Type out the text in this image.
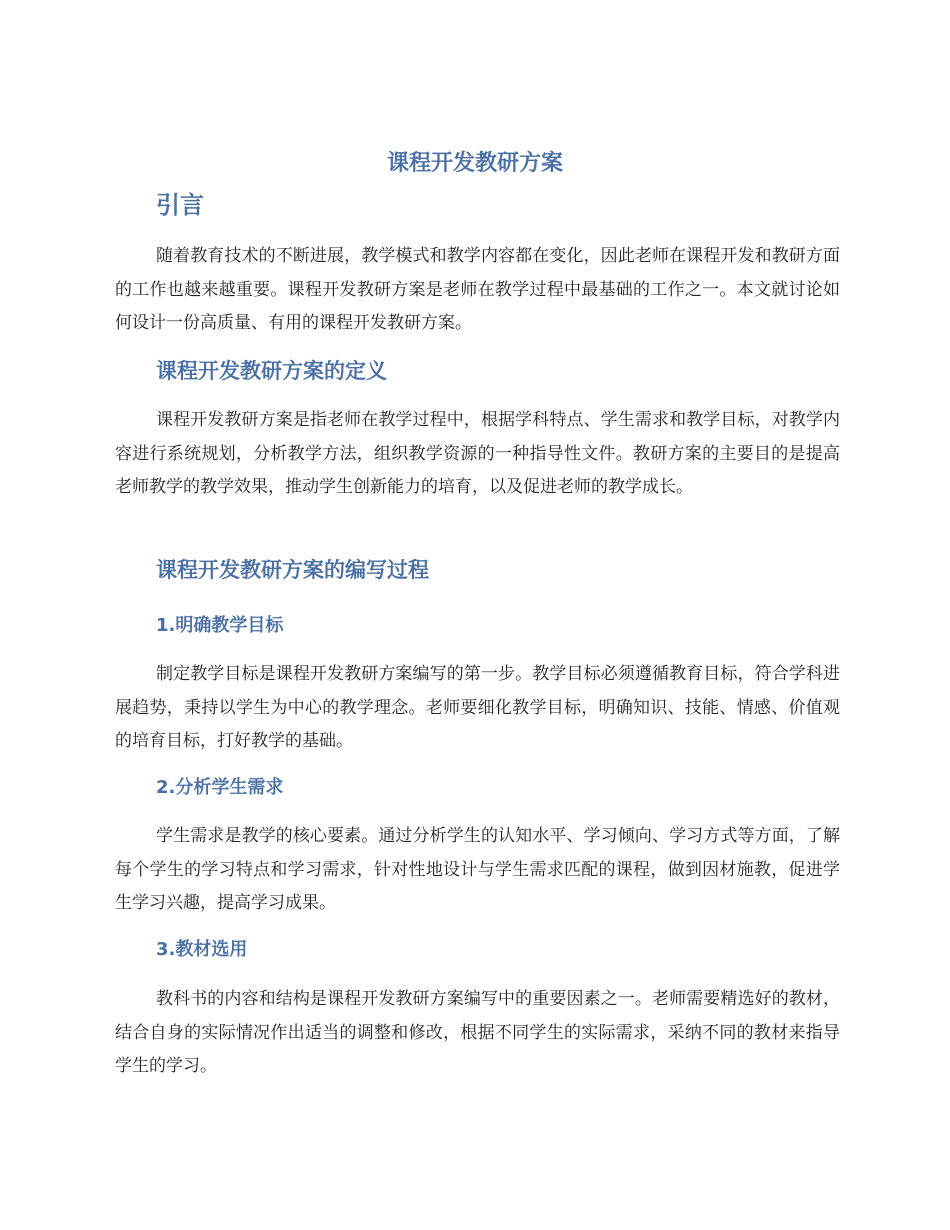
课程开发教研方案
引言

随着教育技术的不断进展，教学模式和教学内容都在变化，因此老师在课程开发和教研方面的工作也越来越重要。课程开发教研方案是老师在教学过程中最基础的工作之一。本文就讨论如何设计一份高质量、有用的课程开发教研方案。

课程开发教研方案的定义

课程开发教研方案是指老师在教学过程中，根据学科特点、学生需求和教学目标，对教学内容进行系统规划，分析教学方法，组织教学资源的一种指导性文件。教研方案的主要目的是提高老师教学的教学效果，推动学生创新能力的培育，以及促进老师的教学成长。

课程开发教研方案的编写过程
1.明确教学目标

制定教学目标是课程开发教研方案编写的第一步。教学目标必须遵循教育目标，符合学科进展趋势，秉持以学生为中心的教学理念。老师要细化教学目标，明确知识、技能、情感、价值观的培育目标，打好教学的基础。

2.分析学生需求

学生需求是教学的核心要素。通过分析学生的认知水平、学习倾向、学习方式等方面，了解每个学生的学习特点和学习需求，针对性地设计与学生需求匹配的课程，做到因材施教，促进学生学习兴趣，提高学习成果。

3.教材选用

教科书的内容和结构是课程开发教研方案编写中的重要因素之一。老师需要精选好的教材，结合自身的实际情况作出适当的调整和修改，根据不同学生的实际需求，采纳不同的教材来指导学生的学习。
